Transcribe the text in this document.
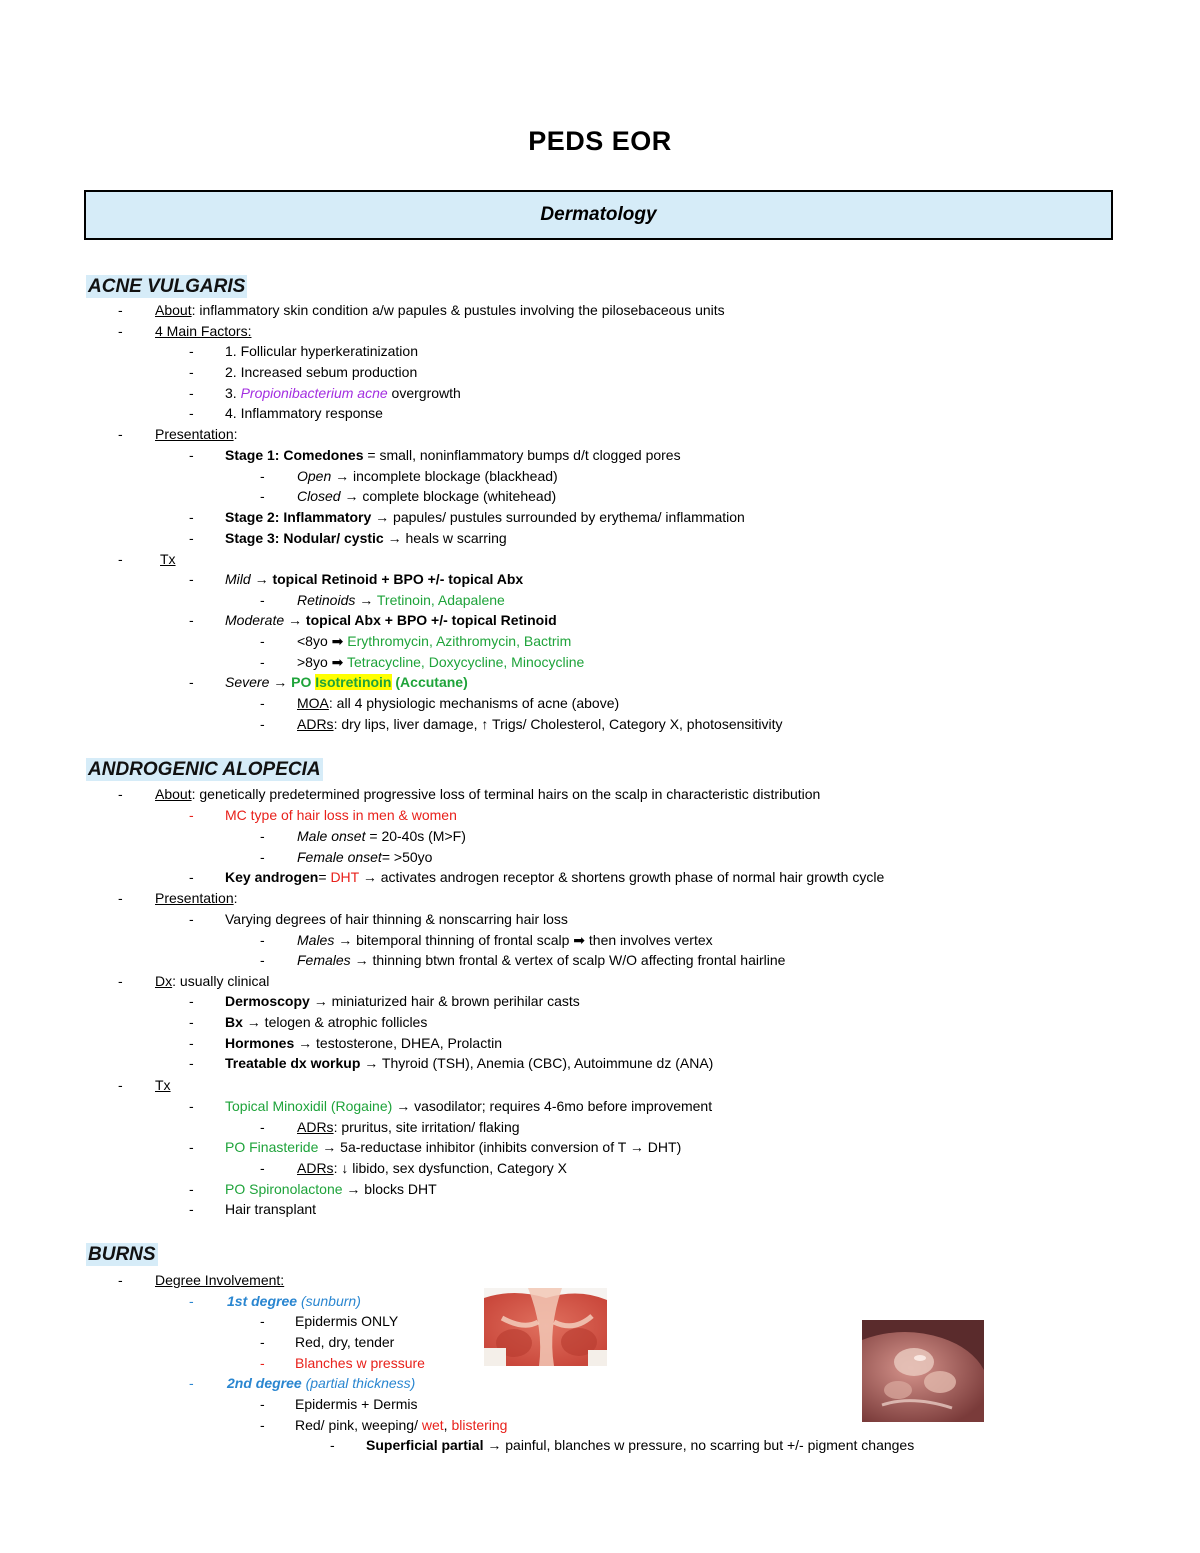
PEDS EOR
Dermatology
ACNE VULGARIS
- About: inflammatory skin condition a/w papules & pustules involving the pilosebaceous units
- 4 Main Factors:
- 1. Follicular hyperkeratinization
- 2. Increased sebum production
- 3. Propionibacterium acne overgrowth
- 4. Inflammatory response
- Presentation:
- Stage 1: Comedones = small, noninflammatory bumps d/t clogged pores
- Open → incomplete blockage (blackhead)
- Closed → complete blockage (whitehead)
- Stage 2: Inflammatory → papules/ pustules surrounded by erythema/ inflammation
- Stage 3: Nodular/ cystic → heals w scarring
-	Tx
- Mild → topical Retinoid + BPO +/- topical Abx
- Retinoids → Tretinoin, Adapalene
- Moderate → topical Abx + BPO +/- topical Retinoid
- <8yo ➡ Erythromycin, Azithromycin, Bactrim
- >8yo ➡ Tetracycline, Doxycycline, Minocycline
- Severe → PO Isotretinoin (Accutane)
- MOA: all 4 physiologic mechanisms of acne (above)
- ADRs: dry lips, liver damage, ↑ Trigs/ Cholesterol, Category X, photosensitivity
ANDROGENIC ALOPECIA
- About: genetically predetermined progressive loss of terminal hairs on the scalp in characteristic distribution
- MC type of hair loss in men & women
- Male onset = 20-40s (M>F)
- Female onset= >50yo
- Key androgen= DHT → activates androgen receptor & shortens growth phase of normal hair growth cycle
- Presentation:
- Varying degrees of hair thinning & nonscarring hair loss
- Males → bitemporal thinning of frontal scalp ➡ then involves vertex
- Females → thinning btwn frontal & vertex of scalp W/O affecting frontal hairline
- Dx: usually clinical
- Dermoscopy → miniaturized hair & brown perihilar casts
- Bx → telogen & atrophic follicles
- Hormones → testosterone, DHEA, Prolactin
- Treatable dx workup → Thyroid (TSH), Anemia (CBC), Autoimmune dz (ANA)
- Tx
- Topical Minoxidil (Rogaine) → vasodilator; requires 4-6mo before improvement
- ADRs: pruritus, site irritation/ flaking
- PO Finasteride → 5a-reductase inhibitor (inhibits conversion of T → DHT)
- ADRs: ↓ libido, sex dysfunction, Category X
- PO Spironolactone → blocks DHT
- Hair transplant
BURNS
- Degree Involvement:
- 1st degree (sunburn)
- Epidermis ONLY
- Red, dry, tender
- Blanches w pressure
- 2nd degree (partial thickness)
- Epidermis + Dermis
- Red/ pink, weeping/ wet, blistering
- Superficial partial → painful, blanches w pressure, no scarring but +/- pigment changes
